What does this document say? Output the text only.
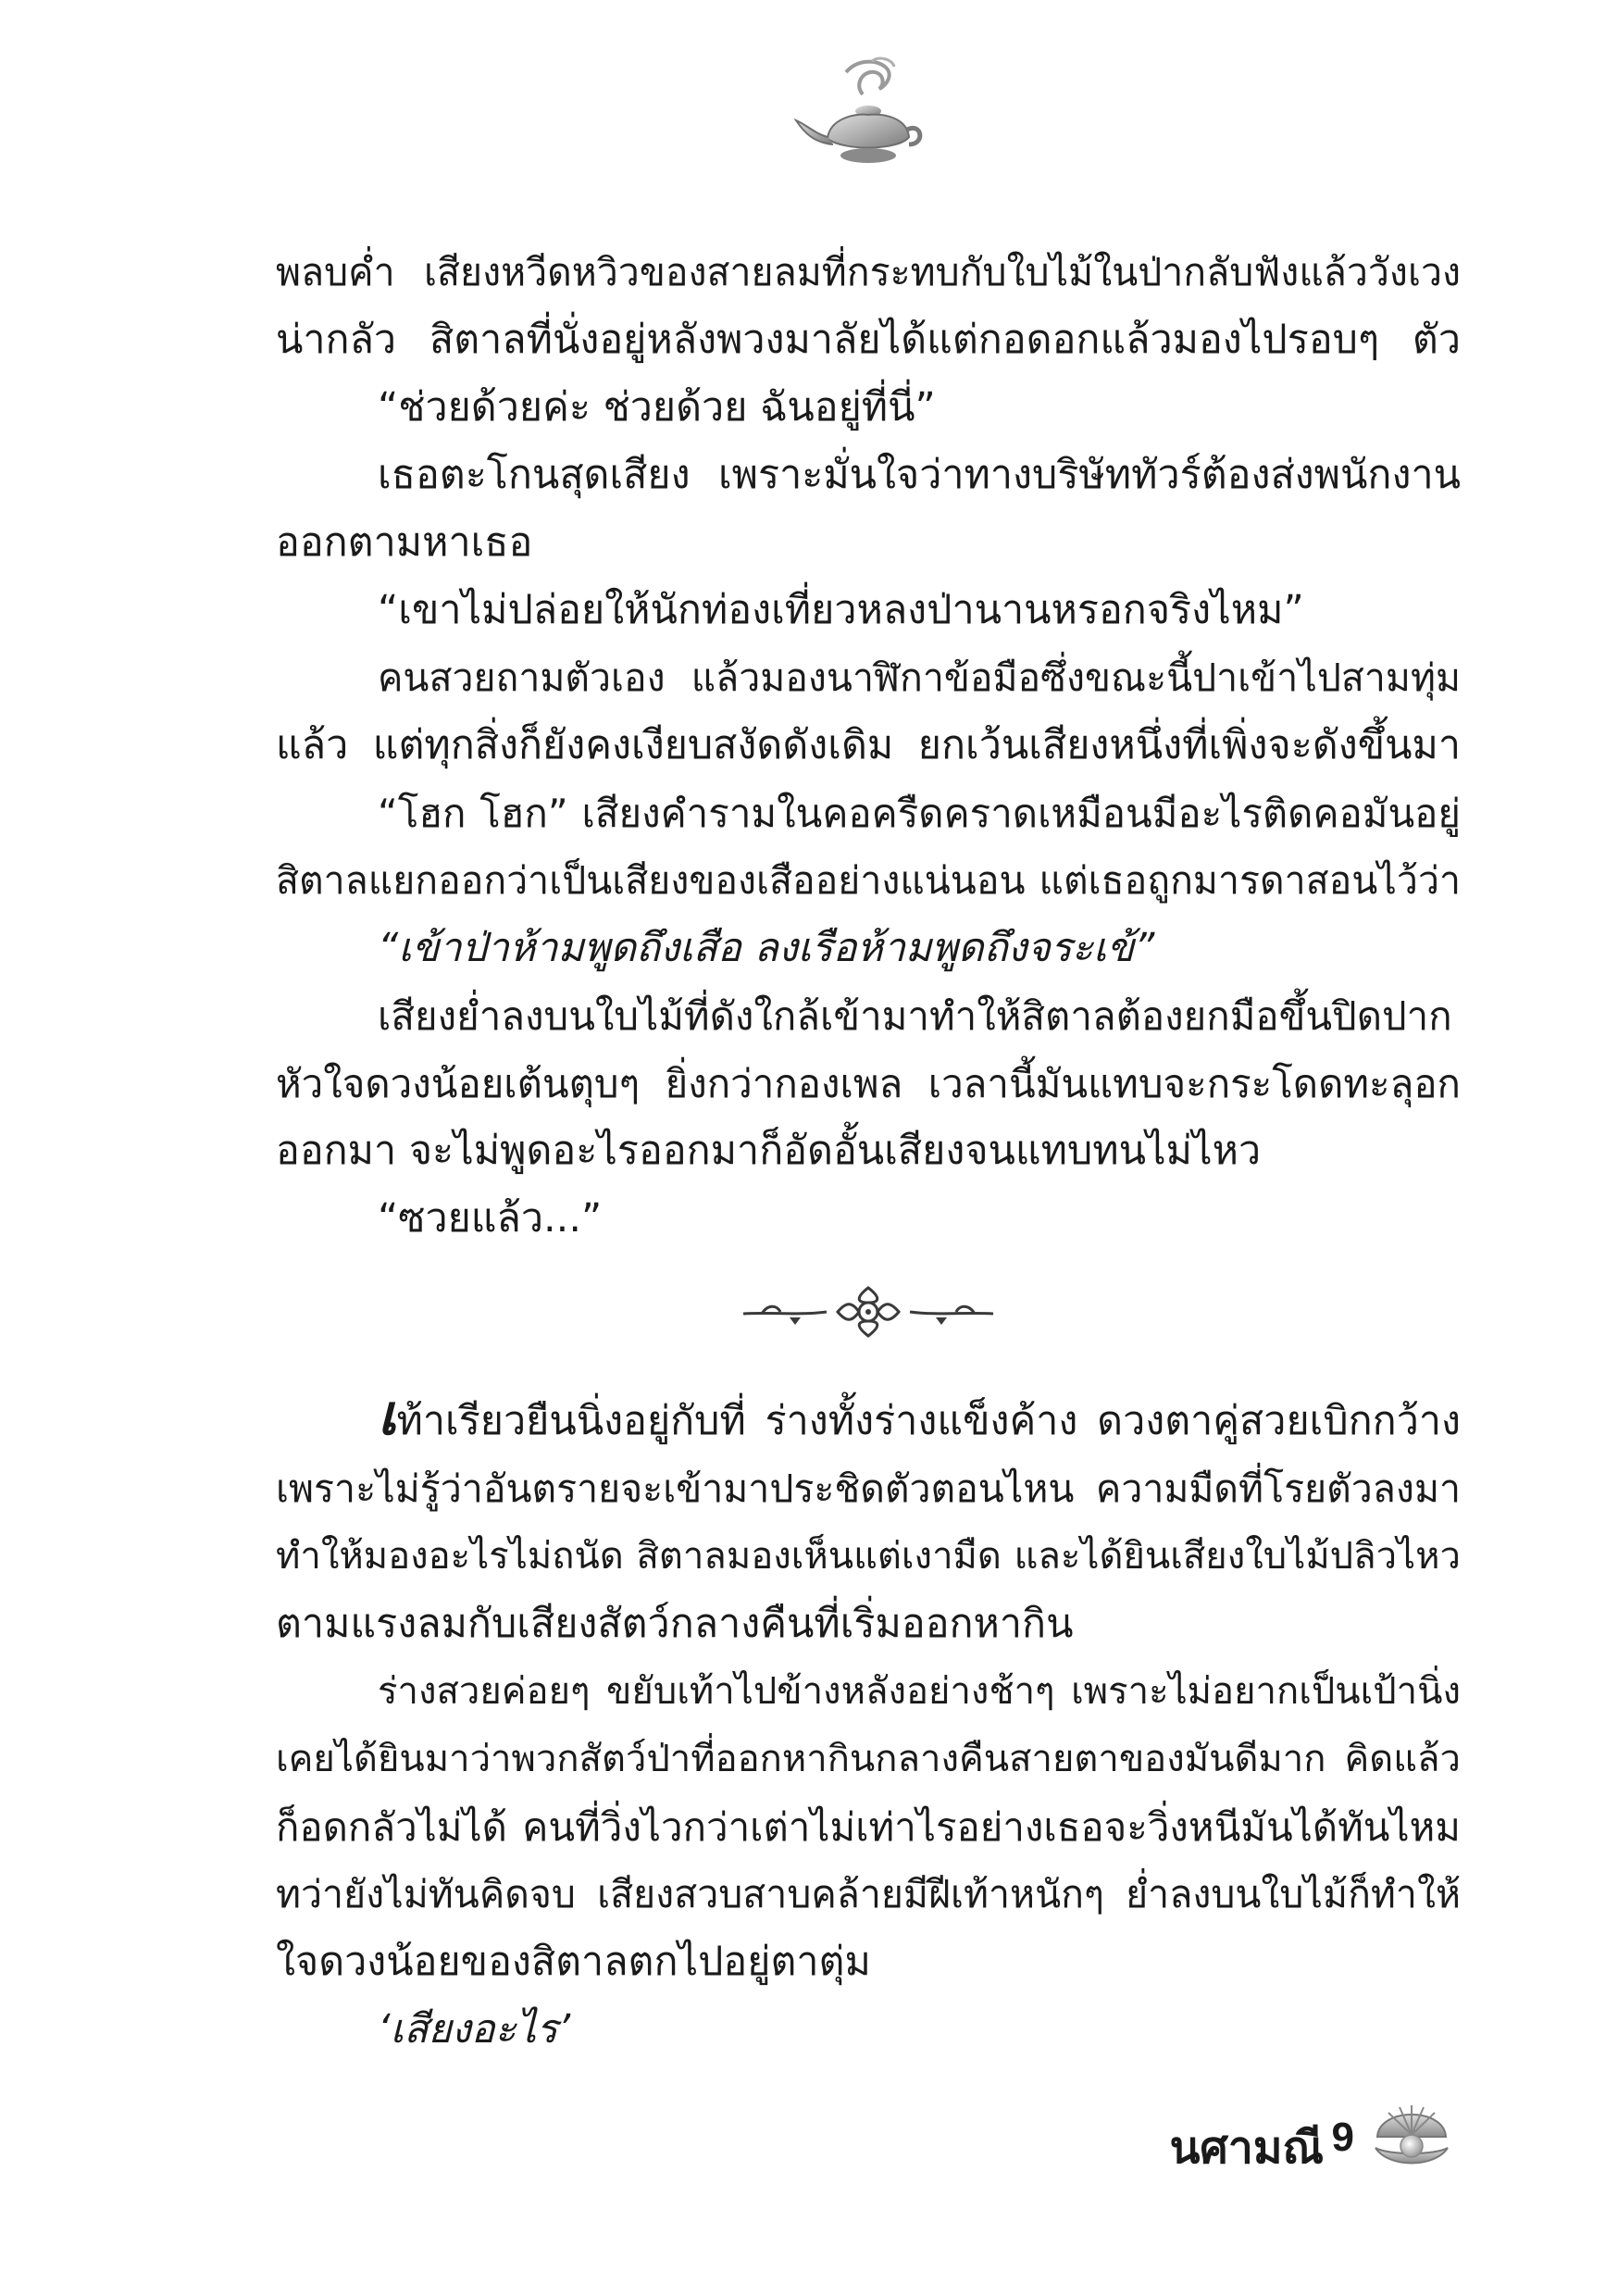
พลบค่ำ เสียงหวีดหวิวของสายลมที่กระทบกับใบไม้ในป่ากลับฟังแล้ววังเวง
น่ากลัว สิตาลที่นั่งอยู่หลังพวงมาลัยได้แต่กอดอกแล้วมองไปรอบๆ ตัว
“ช่วยด้วยค่ะ ช่วยด้วย ฉันอยู่ที่นี่”
เธอตะโกนสุดเสียง เพราะมั่นใจว่าทางบริษัททัวร์ต้องส่งพนักงาน
ออกตามหาเธอ
“เขาไม่ปล่อยให้นักท่องเที่ยวหลงป่านานหรอกจริงไหม”
คนสวยถามตัวเอง แล้วมองนาฬิกาข้อมือซึ่งขณะนี้ปาเข้าไปสามทุ่ม
แล้ว แต่ทุกสิ่งก็ยังคงเงียบสงัดดังเดิม ยกเว้นเสียงหนึ่งที่เพิ่งจะดังขึ้นมา
“โฮก โฮก” เสียงคำรามในคอครืดคราดเหมือนมีอะไรติดคอมันอยู่
สิตาลแยกออกว่าเป็นเสียงของเสืออย่างแน่นอน แต่เธอถูกมารดาสอนไว้ว่า
“เข้าป่าห้ามพูดถึงเสือ ลงเรือห้ามพูดถึงจระเข้”
เสียงย่ำลงบนใบไม้ที่ดังใกล้เข้ามาทำให้สิตาลต้องยกมือขึ้นปิดปาก
หัวใจดวงน้อยเต้นตุบๆ ยิ่งกว่ากองเพล เวลานี้มันแทบจะกระโดดทะลุอก
ออกมา จะไม่พูดอะไรออกมาก็อัดอั้นเสียงจนแทบทนไม่ไหว
“ซวยแล้ว...”
เท้าเรียวยืนนิ่งอยู่กับที่ ร่างทั้งร่างแข็งค้าง ดวงตาคู่สวยเบิกกว้าง
เพราะไม่รู้ว่าอันตรายจะเข้ามาประชิดตัวตอนไหน ความมืดที่โรยตัวลงมา
ทำให้มองอะไรไม่ถนัด สิตาลมองเห็นแต่เงามืด และได้ยินเสียงใบไม้ปลิวไหว
ตามแรงลมกับเสียงสัตว์กลางคืนที่เริ่มออกหากิน
ร่างสวยค่อยๆ ขยับเท้าไปข้างหลังอย่างช้าๆ เพราะไม่อยากเป็นเป้านิ่ง
เคยได้ยินมาว่าพวกสัตว์ป่าที่ออกหากินกลางคืนสายตาของมันดีมาก คิดแล้ว
ก็อดกลัวไม่ได้ คนที่วิ่งไวกว่าเต่าไม่เท่าไรอย่างเธอจะวิ่งหนีมันได้ทันไหม
ทว่ายังไม่ทันคิดจบ เสียงสวบสาบคล้ายมีฝีเท้าหนักๆ ย่ำลงบนใบไม้ก็ทำให้
ใจดวงน้อยของสิตาลตกไปอยู่ตาตุ่ม
‘เสียงอะไร’
นศามณี 9
